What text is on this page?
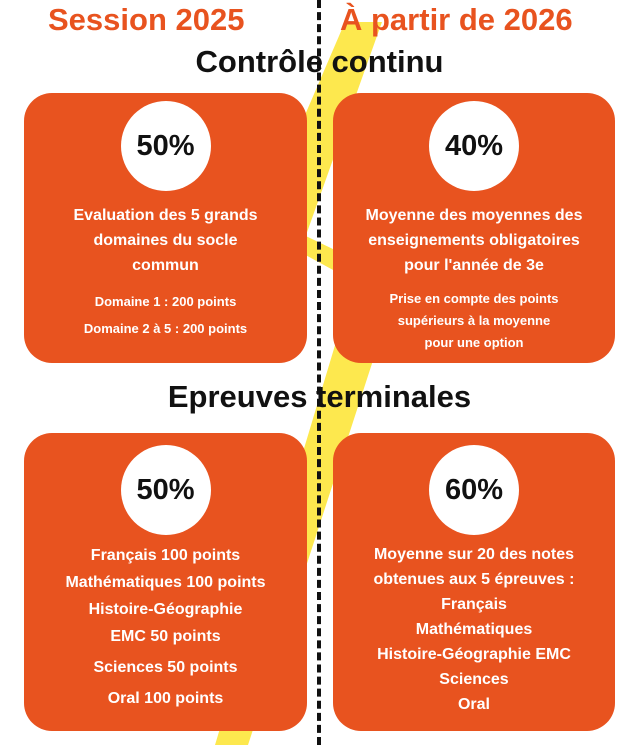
Session 2025	À partir de 2026
Contrôle continu
50%
Evaluation des 5 grands
domaines du socle
commun
Domaine 1 : 200 points
Domaine 2 à 5 : 200 points
40%
Moyenne des moyennes des
enseignements obligatoires
pour l'année de 3e
Prise en compte des points
supérieurs à la moyenne
pour une option
Epreuves terminales
50%
Français 100 points
Mathématiques 100 points
Histoire-Géographie
EMC 50 points
Sciences 50 points
Oral 100 points
60%
Moyenne sur 20 des notes
obtenues aux 5 épreuves :
Français
Mathématiques
Histoire-Géographie EMC
Sciences
Oral
